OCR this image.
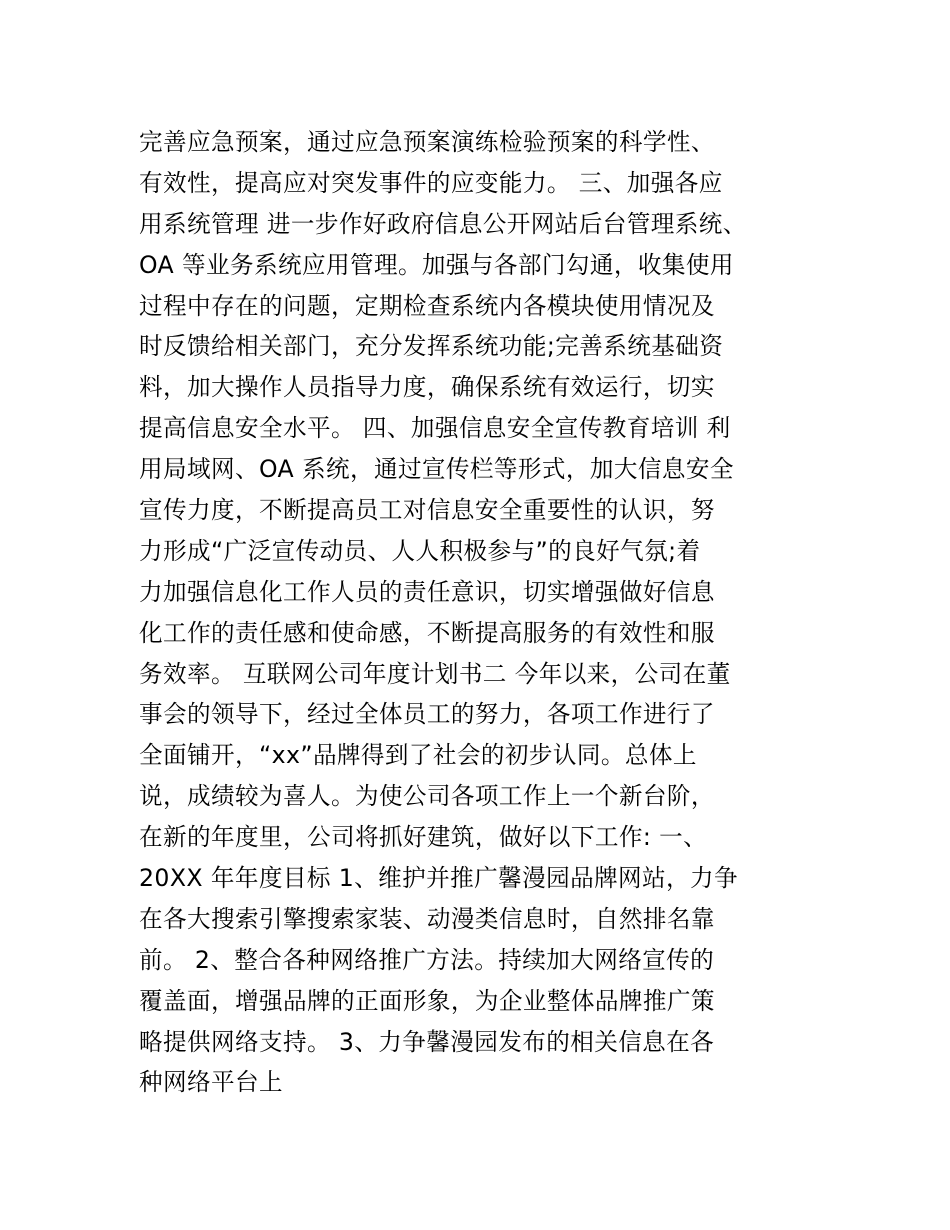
完善应急预案，通过应急预案演练检验预案的科学性、
有效性，提高应对突发事件的应变能力。 三、加强各应
用系统管理 进一步作好政府信息公开网站后台管理系统、
OA 等业务系统应用管理。加强与各部门勾通，收集使用
过程中存在的问题，定期检查系统内各模块使用情况及
时反馈给相关部门，充分发挥系统功能;完善系统基础资
料，加大操作人员指导力度，确保系统有效运行，切实
提高信息安全水平。 四、加强信息安全宣传教育培训 利
用局域网、OA 系统，通过宣传栏等形式，加大信息安全
宣传力度，不断提高员工对信息安全重要性的认识，努
力形成“广泛宣传动员、人人积极参与”的良好气氛;着
力加强信息化工作人员的责任意识，切实增强做好信息
化工作的责任感和使命感，不断提高服务的有效性和服
务效率。 互联网公司年度计划书二 今年以来，公司在董
事会的领导下，经过全体员工的努力，各项工作进行了
全面铺开，“xx”品牌得到了社会的初步认同。总体上
说，成绩较为喜人。为使公司各项工作上一个新台阶，
在新的年度里，公司将抓好建筑，做好以下工作: 一、
20XX 年年度目标 1、维护并推广馨漫园品牌网站，力争
在各大搜索引擎搜索家装、动漫类信息时，自然排名靠
前。 2、整合各种网络推广方法。持续加大网络宣传的
覆盖面，增强品牌的正面形象，为企业整体品牌推广策
略提供网络支持。 3、力争馨漫园发布的相关信息在各
种网络平台上
